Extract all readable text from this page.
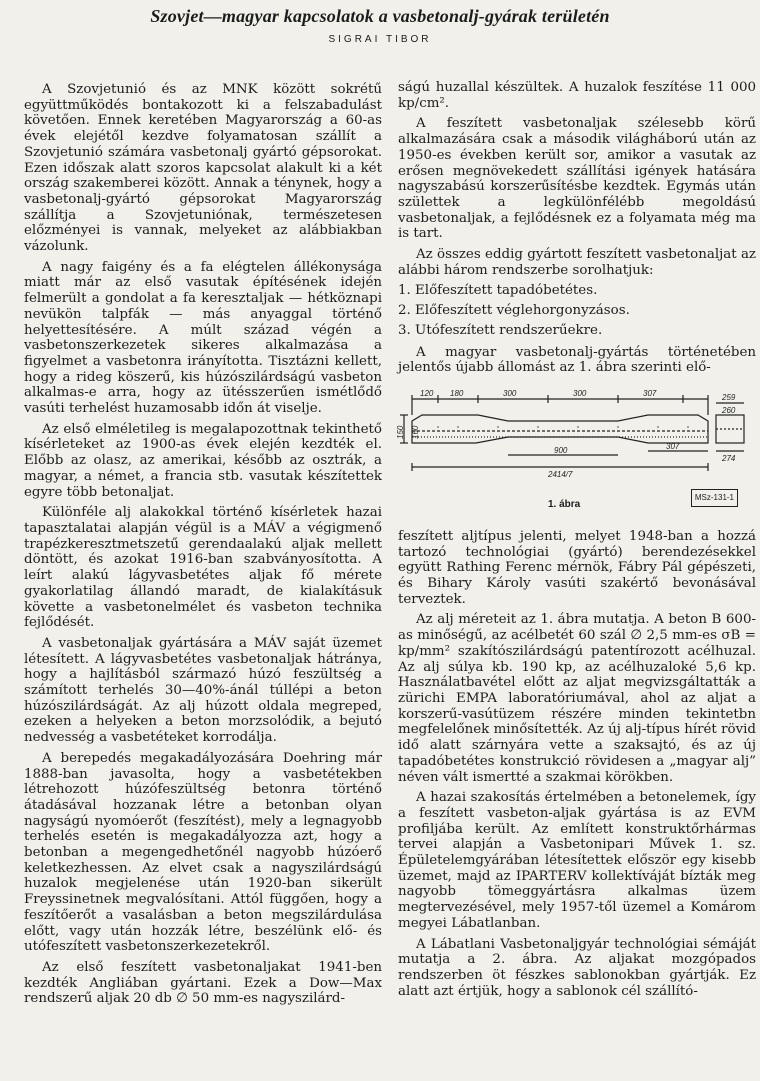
Szovjet—magyar kapcsolatok a vasbetonalj-gyárak területén
SIGRAI TIBOR

A Szovjetunió és az MNK között sokrétű együttműködés bontakozott ki a felszabadulást követően. Ennek keretében Magyarország a 60-as évek elejétől kezdve folyamatosan szállít a Szovjetunió számára vasbetonalj gyártó gépsorokat. Ezen időszak alatt szoros kapcsolat alakult ki a két ország szakemberei között. Annak a ténynek, hogy a vasbetonalj-gyártó gépsorokat Magyarország szállítja a Szovjetuniónak, természetesen előzményei is vannak, melyeket az alábbiakban vázolunk.

A nagy faigény és a fa elégtelen állékonysága miatt már az első vasutak építésének idején felmerült a gondolat a fa keresztaljak — hétköznapi nevükön talpfák — más anyaggal történő helyettesítésére. A múlt század végén a vasbetonszerkezetek sikeres alkalmazása a figyelmet a vasbetonra irányította. Tisztázni kellett, hogy a rideg köszerű, kis húzószilárdságú vasbeton alkalmas-e arra, hogy az ütésszerűen ismétlődő vasúti terhelést huzamosabb időn át viselje.

Az első elméletileg is megalapozottnak tekinthető kísérleteket az 1900-as évek elején kezdték el. Előbb az olasz, az amerikai, később az osztrák, a magyar, a német, a francia stb. vasutak készítettek egyre több betonaljat.

Különféle alj alakokkal történő kísérletek hazai tapasztalatai alapján végül is a MÁV a végigmenő trapézkeresztmetszetű gerendaalakú aljak mellett döntött, és azokat 1916-ban szabványosította. A leírt alakú lágyvasbetétes aljak fő mérete gyakorlatilag állandó maradt, de kialakításuk követte a vasbetonelmélet és vasbeton technika fejlődését.

A vasbetonaljak gyártására a MÁV saját üzemet létesített. A lágyvasbetétes vasbetonaljak hátránya, hogy a hajlításból származó húzó feszültség a számított terhelés 30—40%-ánál túllépi a beton húzószilárdságát. Az alj húzott oldala megreped, ezeken a helyeken a beton morzsolódik, a bejutó nedvesség a vasbetéteket korrodálja.

A berepedés megakadályozására Doehring már 1888-ban javasolta, hogy a vasbetétekben létrehozott húzófeszültség betonra történő átadásával hozzanak létre a betonban olyan nagyságú nyomóerőt (feszítést), mely a legnagyobb terhelés esetén is megakadályozza azt, hogy a betonban a megengedhetőnél nagyobb húzóerő keletkezhessen. Az elvet csak a nagyszilárdságú huzalok megjelenése után 1920-ban sikerült Freyssinetnek megvalósítani. Attól függően, hogy a feszítőerőt a vasalásban a beton megszilárdulása előtt, vagy után hozzák létre, beszélünk elő- és utófeszített vasbetonszerkezetekről.

Az első feszített vasbetonaljakat 1941-ben kezdték Angliában gyártani. Ezek a Dow—Max rendszerű aljak 20 db ∅ 50 mm-es nagyszilárd-

ságú huzallal készültek. A huzalok feszítése 11 000 kp/cm².

A feszített vasbetonaljak szélesebb körű alkalmazására csak a második világháború után az 1950-es években került sor, amikor a vasutak az erősen megnövekedett szállítási igények hatására nagyszabású korszerűsítésbe kezdtek. Egymás után születtek a legkülönfélébb megoldású vasbetonaljak, a fejlődésnek ez a folyamata még ma is tart.

Az összes eddig gyártott feszített vasbetonaljat az alábbi három rendszerbe sorolhatjuk:

1. Előfeszített tapadóbetétes.
2. Előfeszített véglehorgonyzásos.
3. Utófeszített rendszerűekre.

A magyar vasbetonalj-gyártás történetében jelentős újabb állomást az 1. ábra szerinti elő-

120 180	300	300	307	259
900
2414/7
307
150 160
260
274
1. ábra
MSz-131-1

feszített aljtípus jelenti, melyet 1948-ban a hozzá tartozó technológiai (gyártó) berendezésekkel együtt Rathing Ferenc mérnök, Fábry Pál gépészeti, és Bihary Károly vasúti szakértő bevonásával terveztek.

Az alj méreteit az 1. ábra mutatja. A beton B 600-as minőségű, az acélbetét 60 szál ∅ 2,5 mm-es σB = kp/mm² szakítószilárdságú patentírozott acélhuzal. Az alj súlya kb. 190 kp, az acélhuzaloké 5,6 kp. Használatbavétel előtt az aljat megvizsgáltatták a zürichi EMPA laboratóriumával, ahol az aljat a korszerű-vasútüzem részére minden tekintetbn megfelelőnek minősítették. Az új alj-típus hírét rövid idő alatt szárnyára vette a szaksajtó, és az új tapadóbetétes konstrukció rövidesen a „magyar alj” néven vált ismertté a szakmai körökben.

A hazai szakosítás értelmében a betonelemek, így a feszített vasbeton-aljak gyártása is az EVM profiljába került. Az említett konstruktőrhármas tervei alapján a Vasbetonipari Művek 1. sz. Épületelemgyárában létesítettek először egy kisebb üzemet, majd az IPARTERV kollektíváját bízták meg nagyobb tömeggyártásra alkalmas üzem megtervezésével, mely 1957-től üzemel a Komárom megyei Lábatlanban.

A Lábatlani Vasbetonaljgyár technológiai sémáját mutatja a 2. ábra. Az aljakat mozgópados rendszerben öt fészkes sablonokban gyártják. Ez alatt azt értjük, hogy a sablonok cél szállító-
